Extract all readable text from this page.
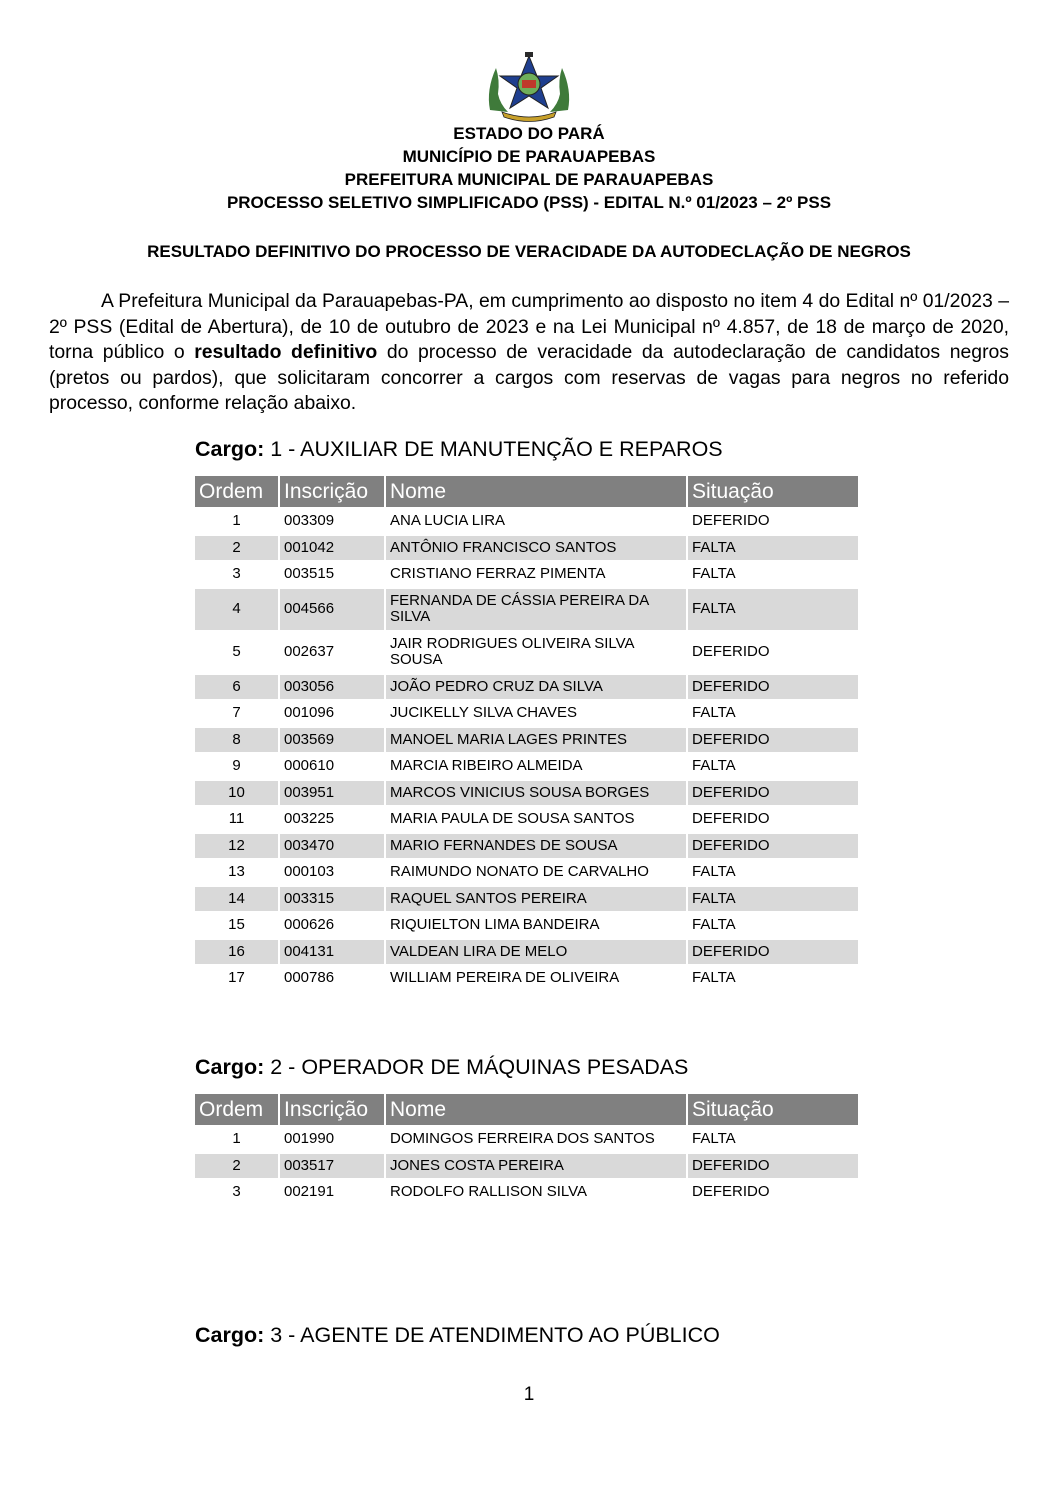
ESTADO DO PARÁ
MUNICÍPIO DE PARAUAPEBAS
PREFEITURA MUNICIPAL DE PARAUAPEBAS
PROCESSO SELETIVO SIMPLIFICADO (PSS) - EDITAL N.º 01/2023 – 2º PSS
RESULTADO DEFINITIVO DO PROCESSO DE VERACIDADE DA AUTODECLAÇÃO DE NEGROS
A Prefeitura Municipal da Parauapebas-PA, em cumprimento ao disposto no item 4 do Edital nº 01/2023 – 2º PSS (Edital de Abertura), de 10 de outubro de 2023 e na Lei Municipal nº 4.857, de 18 de março de 2020, torna público o resultado definitivo do processo de veracidade da autodeclaração de candidatos negros (pretos ou pardos), que solicitaram concorrer a cargos com reservas de vagas para negros no referido processo, conforme relação abaixo.
Cargo: 1 - AUXILIAR DE MANUTENÇÃO E REPAROS
Ordem	Inscrição	Nome	Situação
1	003309	ANA LUCIA LIRA	DEFERIDO
2	001042	ANTÔNIO FRANCISCO SANTOS	FALTA
3	003515	CRISTIANO FERRAZ PIMENTA	FALTA
4	004566	FERNANDA DE CÁSSIA PEREIRA DA SILVA	FALTA
5	002637	JAIR RODRIGUES OLIVEIRA SILVA SOUSA	DEFERIDO
6	003056	JOÃO PEDRO CRUZ DA SILVA	DEFERIDO
7	001096	JUCIKELLY SILVA CHAVES	FALTA
8	003569	MANOEL MARIA LAGES PRINTES	DEFERIDO
9	000610	MARCIA RIBEIRO ALMEIDA	FALTA
10	003951	MARCOS VINICIUS SOUSA BORGES	DEFERIDO
11	003225	MARIA PAULA DE SOUSA SANTOS	DEFERIDO
12	003470	MARIO FERNANDES DE SOUSA	DEFERIDO
13	000103	RAIMUNDO NONATO DE CARVALHO	FALTA
14	003315	RAQUEL SANTOS PEREIRA	FALTA
15	000626	RIQUIELTON LIMA BANDEIRA	FALTA
16	004131	VALDEAN LIRA DE MELO	DEFERIDO
17	000786	WILLIAM PEREIRA DE OLIVEIRA	FALTA
Cargo: 2 - OPERADOR DE MÁQUINAS PESADAS
Ordem	Inscrição	Nome	Situação
1	001990	DOMINGOS FERREIRA DOS SANTOS	FALTA
2	003517	JONES COSTA PEREIRA	DEFERIDO
3	002191	RODOLFO RALLISON SILVA	DEFERIDO
Cargo: 3 - AGENTE DE ATENDIMENTO AO PÚBLICO
1
